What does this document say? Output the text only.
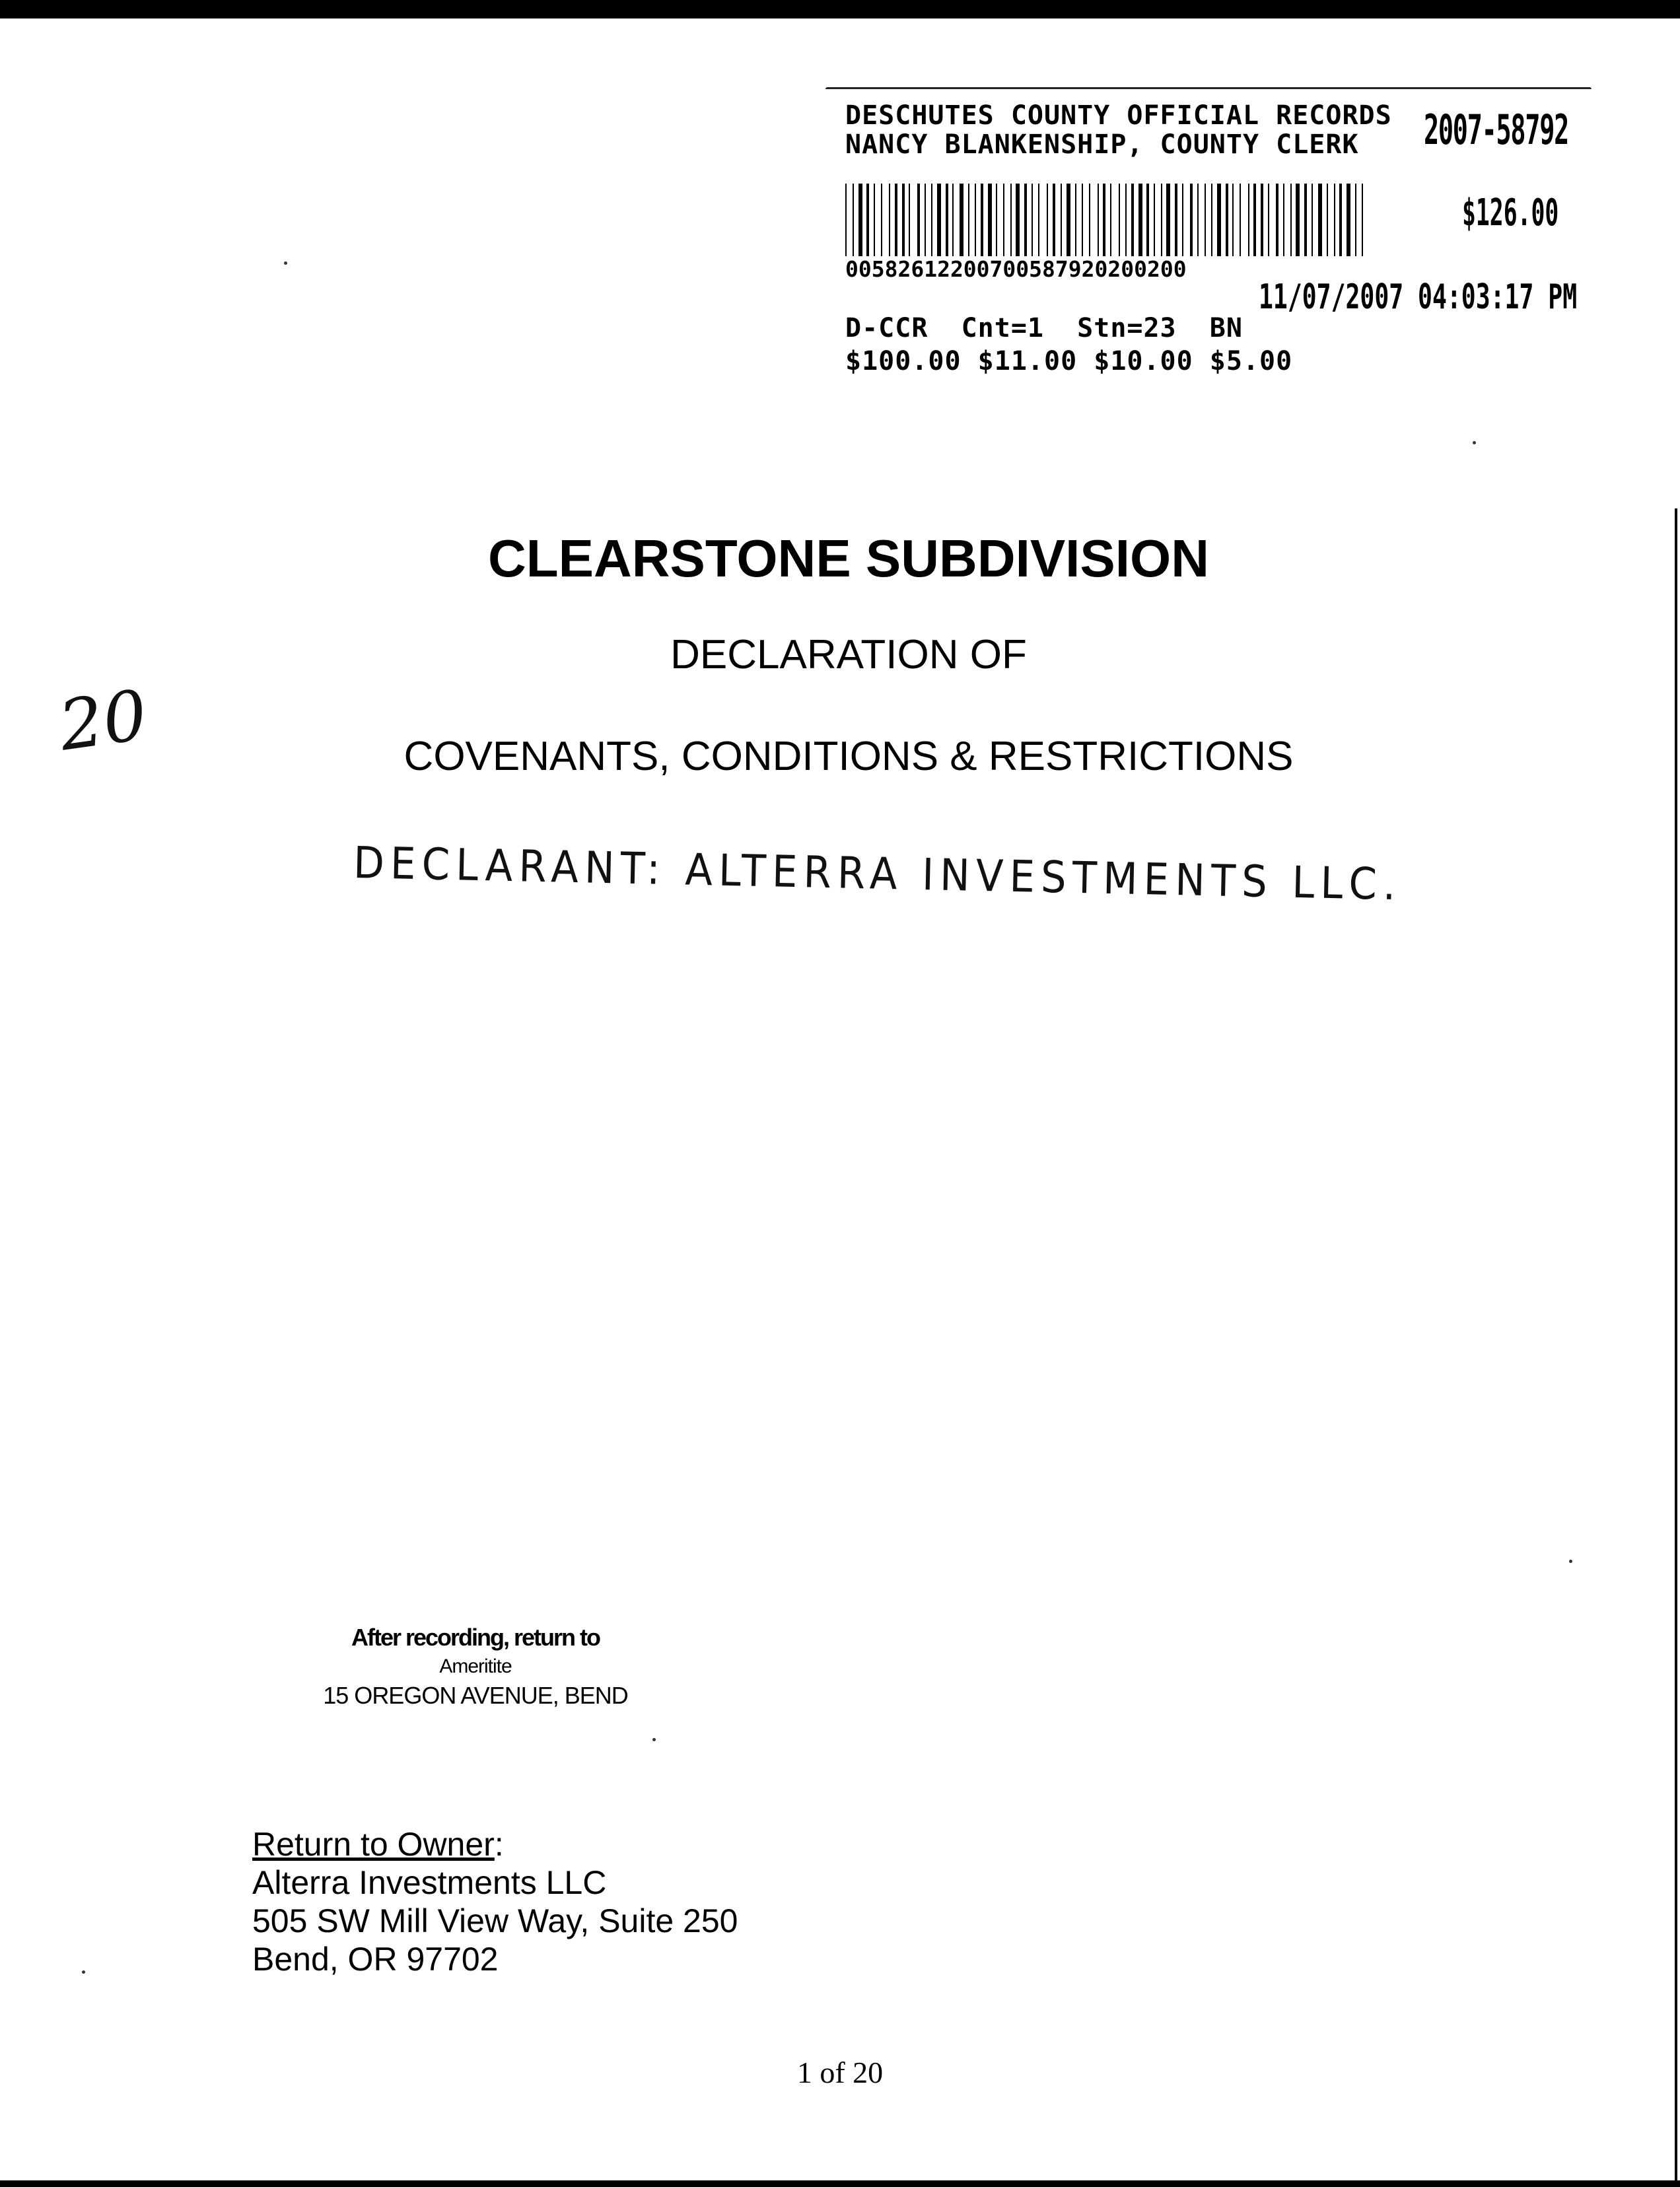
DESCHUTES COUNTY OFFICIAL RECORDS
NANCY BLANKENSHIP, COUNTY CLERK 2007-58792
$126.00
00582612200700587920200200
11/07/2007 04:03:17 PM
D-CCR  Cnt=1  Stn=23  BN
$100.00 $11.00 $10.00 $5.00
CLEARSTONE SUBDIVISION
DECLARATION OF
COVENANTS, CONDITIONS & RESTRICTIONS
20
DECLARANT: ALTERRA INVESTMENTS LLC.
After recording, return to
Ameritite
15 OREGON AVENUE, BEND
Return to Owner:
Alterra Investments LLC
505 SW Mill View Way, Suite 250
Bend, OR 97702
1 of 20
